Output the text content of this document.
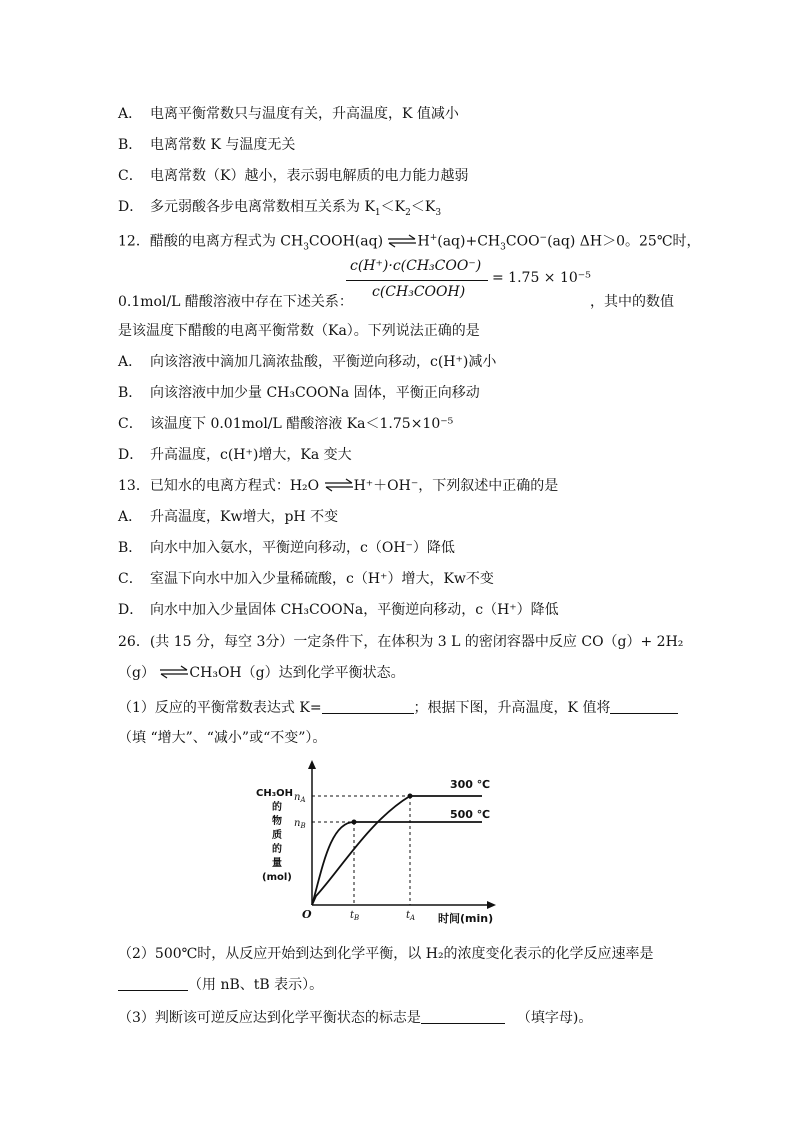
A． 电离平衡常数只与温度有关，升高温度，K 值减小
B． 电离常数 K 与温度无关
C． 电离常数（K）越小，表示弱电解质的电力能力越弱
D． 多元弱酸各步电离常数相互关系为 $K_1<K_2<K_3$
12．醋酸的电离方程式为 $CH_3COOH(aq)$ $\rightleftharpoons H^+(aq)+CH_3COO^-(aq)$ ΔH＞0。25℃时，
c(H⁺)·c(CH₃COO⁻)
c(CH₃COOH)
= 1.75 × 10⁻⁵
0.1mol/L 醋酸溶液中存在下述关系：	，其中的数值
是该温度下醋酸的电离平衡常数（Ka）。下列说法正确的是
A． 向该溶液中滴加几滴浓盐酸，平衡逆向移动，c(H⁺)减小
B． 向该溶液中加少量 CH₃COONa 固体，平衡正向移动
C． 该温度下 0.01mol/L 醋酸溶液 Ka＜1.75×10⁻⁵
D． 升高温度，c(H⁺)增大，Ka 变大
13．已知水的电离方程式：H₂O ⇌H⁺＋OH⁻，下列叙述中正确的是
A． 升高温度，Kw增大，pH 不变
B． 向水中加入氨水，平衡逆向移动，c（OH⁻）降低
C． 室温下向水中加入少量稀硫酸，c（H⁺）增大，Kw不变
D． 向水中加入少量固体 CH₃COONa，平衡逆向移动，c（H⁺）降低
26．(共 15 分，每空 3分）一定条件下，在体积为 3 L 的密闭容器中反应 CO（g）+ 2H₂
（g） ⇌CH₃OH（g）达到化学平衡状态。
（1）反应的平衡常数表达式 K=	；根据下图，升高温度，K 值将
（填 “增大”、“减小”或“不变”）。
300 ℃
500 ℃
$n_A$
$n_B$
$t_B$	$t_A$
O	时间(min)
CH₃OH
的
物
质
的
量
(mol)
（2）500℃时，从反应开始到达到化学平衡，以 H₂的浓度变化表示的化学反应速率是
（用 nB、tB 表示）。
（3）判断该可逆反应达到化学平衡状态的标志是	（填字母)。
